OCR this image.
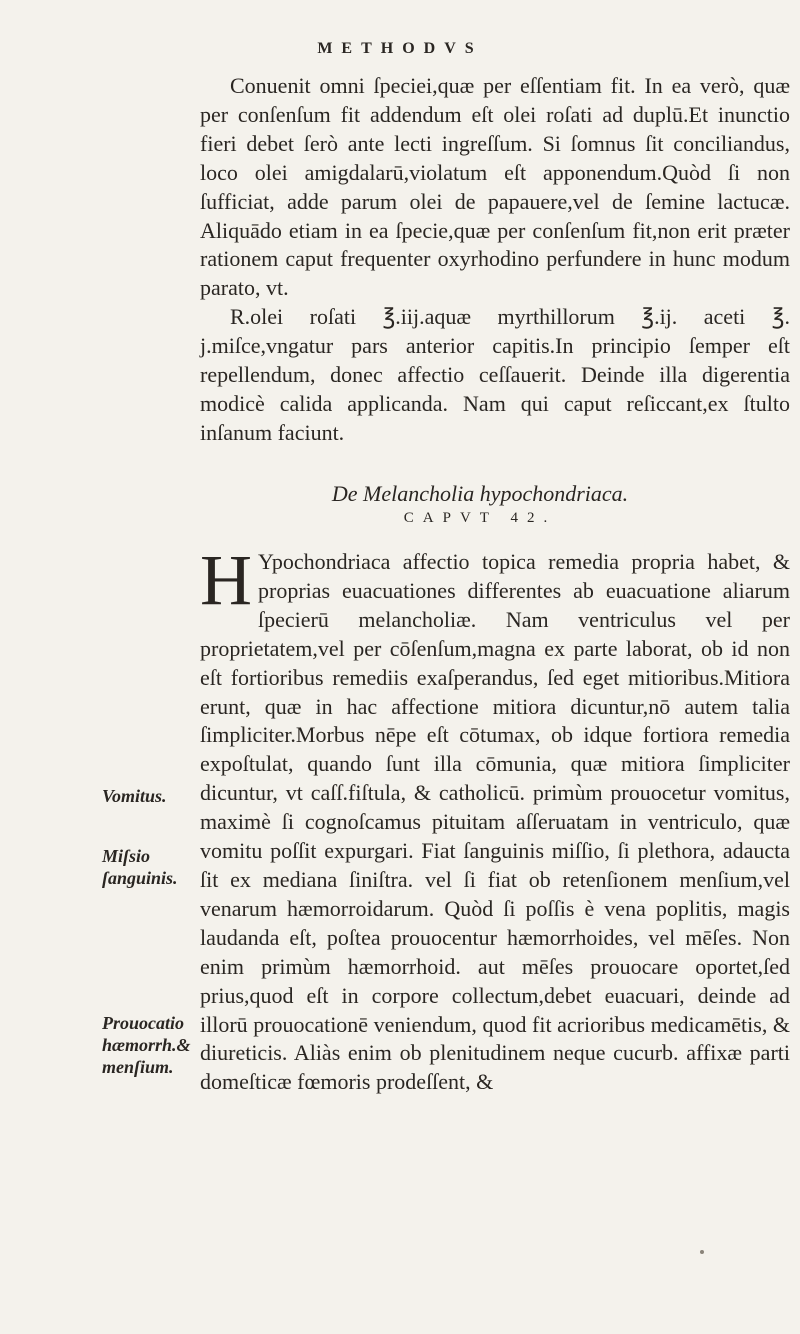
METHODVS

Conuenit omni ſpeciei,quæ per eſſentiam fit. In ea verò, quæ per conſenſum fit addendum eſt olei roſati ad duplū.Et inunctio fieri debet ſerò ante lecti ingreſſum. Si ſomnus ſit conciliandus, loco olei amigdalarū,violatum eſt apponendum.Quòd ſi non ſufficiat, adde parum olei de papauere,vel de ſemine lactucæ. Aliquādo etiam in ea ſpecie,quæ per conſenſum fit,non erit præter rationem caput frequenter oxyrhodino perfundere in hunc modum parato, vt.

R.olei roſati ℥.iij.aquæ myrthillorum ℥.ij. aceti ℥. j.miſce,vngatur pars anterior capitis.In principio ſemper eſt repellendum, donec affectio ceſſauerit. Deinde illa digerentia modicè calida applicanda. Nam qui caput reſiccant,ex ſtulto inſanum faciunt.

De Melancholia hypochondriaca.
CAPVT 42.

H Ypochondriaca affectio topica remedia propria habet, & proprias euacuationes differentes ab euacuatione aliarum ſpecierū melancholiæ. Nam ventriculus vel per proprietatem,vel per cōſenſum,magna ex parte laborat, ob id non eſt fortioribus remediis exaſperandus, ſed eget mitioribus.Mitiora erunt, quæ in hac affectione mitiora dicuntur,nō autem talia ſimpliciter.Morbus nēpe eſt cōtumax, ob idque fortiora remedia expoſtulat, quando ſunt illa cōmunia, quæ mitiora ſimpliciter dicuntur, vt caſſ.fiſtula, & catholicū. primùm prouocetur vomitus, maximè ſi cognoſcamus pituitam aſſeruatam in ventriculo, quæ vomitu poſſit expurgari. Fiat ſanguinis miſſio, ſi plethora, adaucta ſit ex mediana ſiniſtra. vel ſi fiat ob retenſionem menſium,vel venarum hæmorroidarum. Quòd ſi poſſis è vena poplitis, magis laudanda eſt, poſtea prouocentur hæmorrhoides, vel mēſes. Non enim primùm hæmorrhoid. aut mēſes prouocare oportet,ſed prius,quod eſt in corpore collectum,debet euacuari, deinde ad illorū prouocationē veniendum, quod fit acrioribus medicamētis, & diureticis. Aliàs enim ob plenitudinem neque cucurb. affixæ parti domeſticæ fœmoris prodeſſent, &

Vomitus.
Miſsio ſanguinis.
Prouocatio hæmorrh.& menſium.
